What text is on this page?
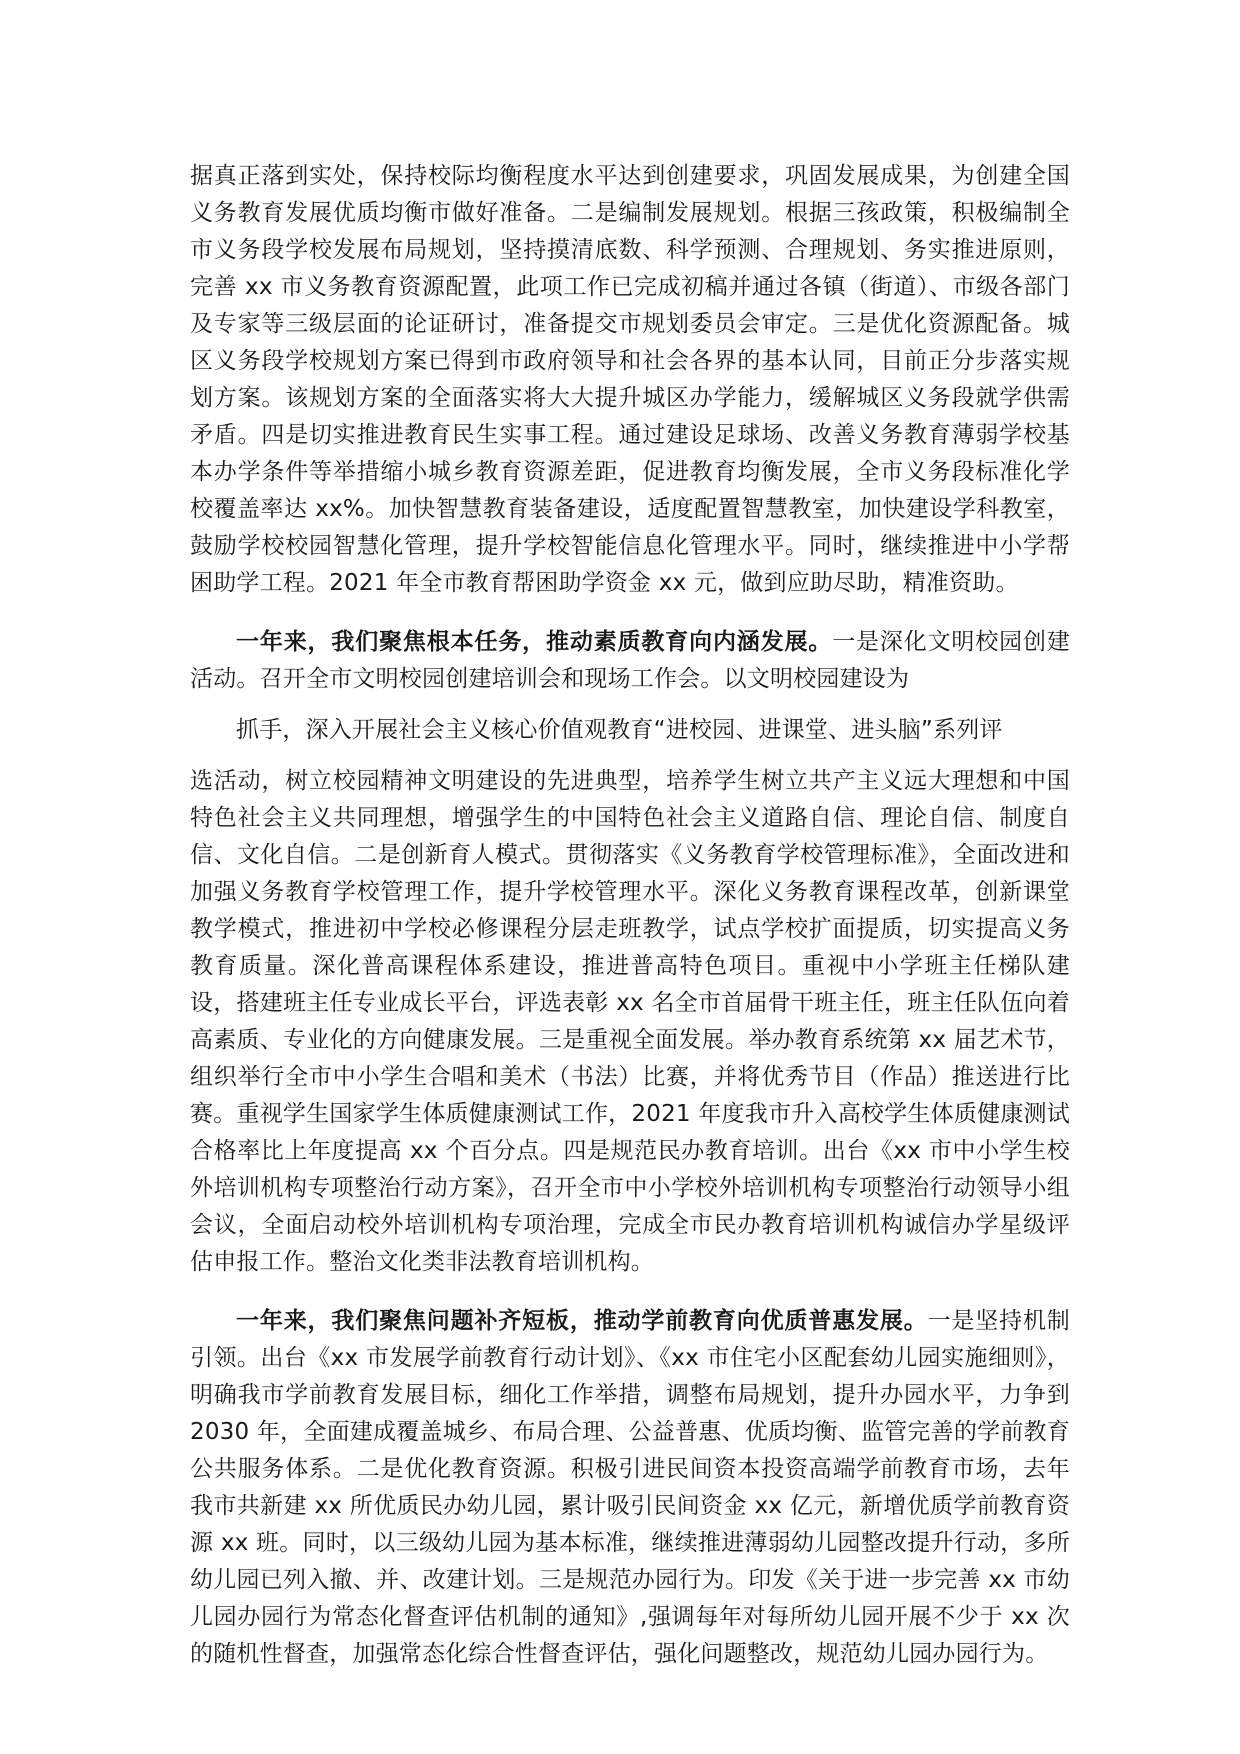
据真正落到实处，保持校际均衡程度水平达到创建要求，巩固发展成果，为创建全国义务教育发展优质均衡市做好准备。二是编制发展规划。根据三孩政策，积极编制全市义务段学校发展布局规划，坚持摸清底数、科学预测、合理规划、务实推进原则，完善 xx 市义务教育资源配置，此项工作已完成初稿并通过各镇（街道）、市级各部门及专家等三级层面的论证研讨，准备提交市规划委员会审定。三是优化资源配备。城区义务段学校规划方案已得到市政府领导和社会各界的基本认同，目前正分步落实规划方案。该规划方案的全面落实将大大提升城区办学能力，缓解城区义务段就学供需矛盾。四是切实推进教育民生实事工程。通过建设足球场、改善义务教育薄弱学校基本办学条件等举措缩小城乡教育资源差距，促进教育均衡发展，全市义务段标准化学校覆盖率达 xx%。加快智慧教育装备建设，适度配置智慧教室，加快建设学科教室，鼓励学校校园智慧化管理，提升学校智能信息化管理水平。同时，继续推进中小学帮困助学工程。2021 年全市教育帮困助学资金 xx 元，做到应助尽助，精准资助。

一年来，我们聚焦根本任务，推动素质教育向内涵发展。一是深化文明校园创建活动。召开全市文明校园创建培训会和现场工作会。以文明校园建设为
抓手，深入开展社会主义核心价值观教育“进校园、进课堂、进头脑”系列评
选活动，树立校园精神文明建设的先进典型，培养学生树立共产主义远大理想和中国特色社会主义共同理想，增强学生的中国特色社会主义道路自信、理论自信、制度自信、文化自信。二是创新育人模式。贯彻落实《义务教育学校管理标准》，全面改进和加强义务教育学校管理工作，提升学校管理水平。深化义务教育课程改革，创新课堂教学模式，推进初中学校必修课程分层走班教学，试点学校扩面提质，切实提高义务教育质量。深化普高课程体系建设，推进普高特色项目。重视中小学班主任梯队建设，搭建班主任专业成长平台，评选表彰 xx 名全市首届骨干班主任，班主任队伍向着高素质、专业化的方向健康发展。三是重视全面发展。举办教育系统第 xx 届艺术节，组织举行全市中小学生合唱和美术（书法）比赛，并将优秀节目（作品）推送进行比赛。重视学生国家学生体质健康测试工作，2021 年度我市升入高校学生体质健康测试合格率比上年度提高 xx 个百分点。四是规范民办教育培训。出台《xx 市中小学生校外培训机构专项整治行动方案》，召开全市中小学校外培训机构专项整治行动领导小组会议，全面启动校外培训机构专项治理，完成全市民办教育培训机构诚信办学星级评估申报工作。整治文化类非法教育培训机构。

一年来，我们聚焦问题补齐短板，推动学前教育向优质普惠发展。一是坚持机制引领。出台《xx 市发展学前教育行动计划》、《xx 市住宅小区配套幼儿园实施细则》，明确我市学前教育发展目标，细化工作举措，调整布局规划，提升办园水平，力争到 2030 年，全面建成覆盖城乡、布局合理、公益普惠、优质均衡、监管完善的学前教育公共服务体系。二是优化教育资源。积极引进民间资本投资高端学前教育市场，去年我市共新建 xx 所优质民办幼儿园，累计吸引民间资金 xx 亿元，新增优质学前教育资源 xx 班。同时，以三级幼儿园为基本标准，继续推进薄弱幼儿园整改提升行动，多所幼儿园已列入撤、并、改建计划。三是规范办园行为。印发《关于进一步完善 xx 市幼儿园办园行为常态化督查评估机制的通知》,强调每年对每所幼儿园开展不少于 xx 次的随机性督查，加强常态化综合性督查评估，强化问题整改，规范幼儿园办园行为。
